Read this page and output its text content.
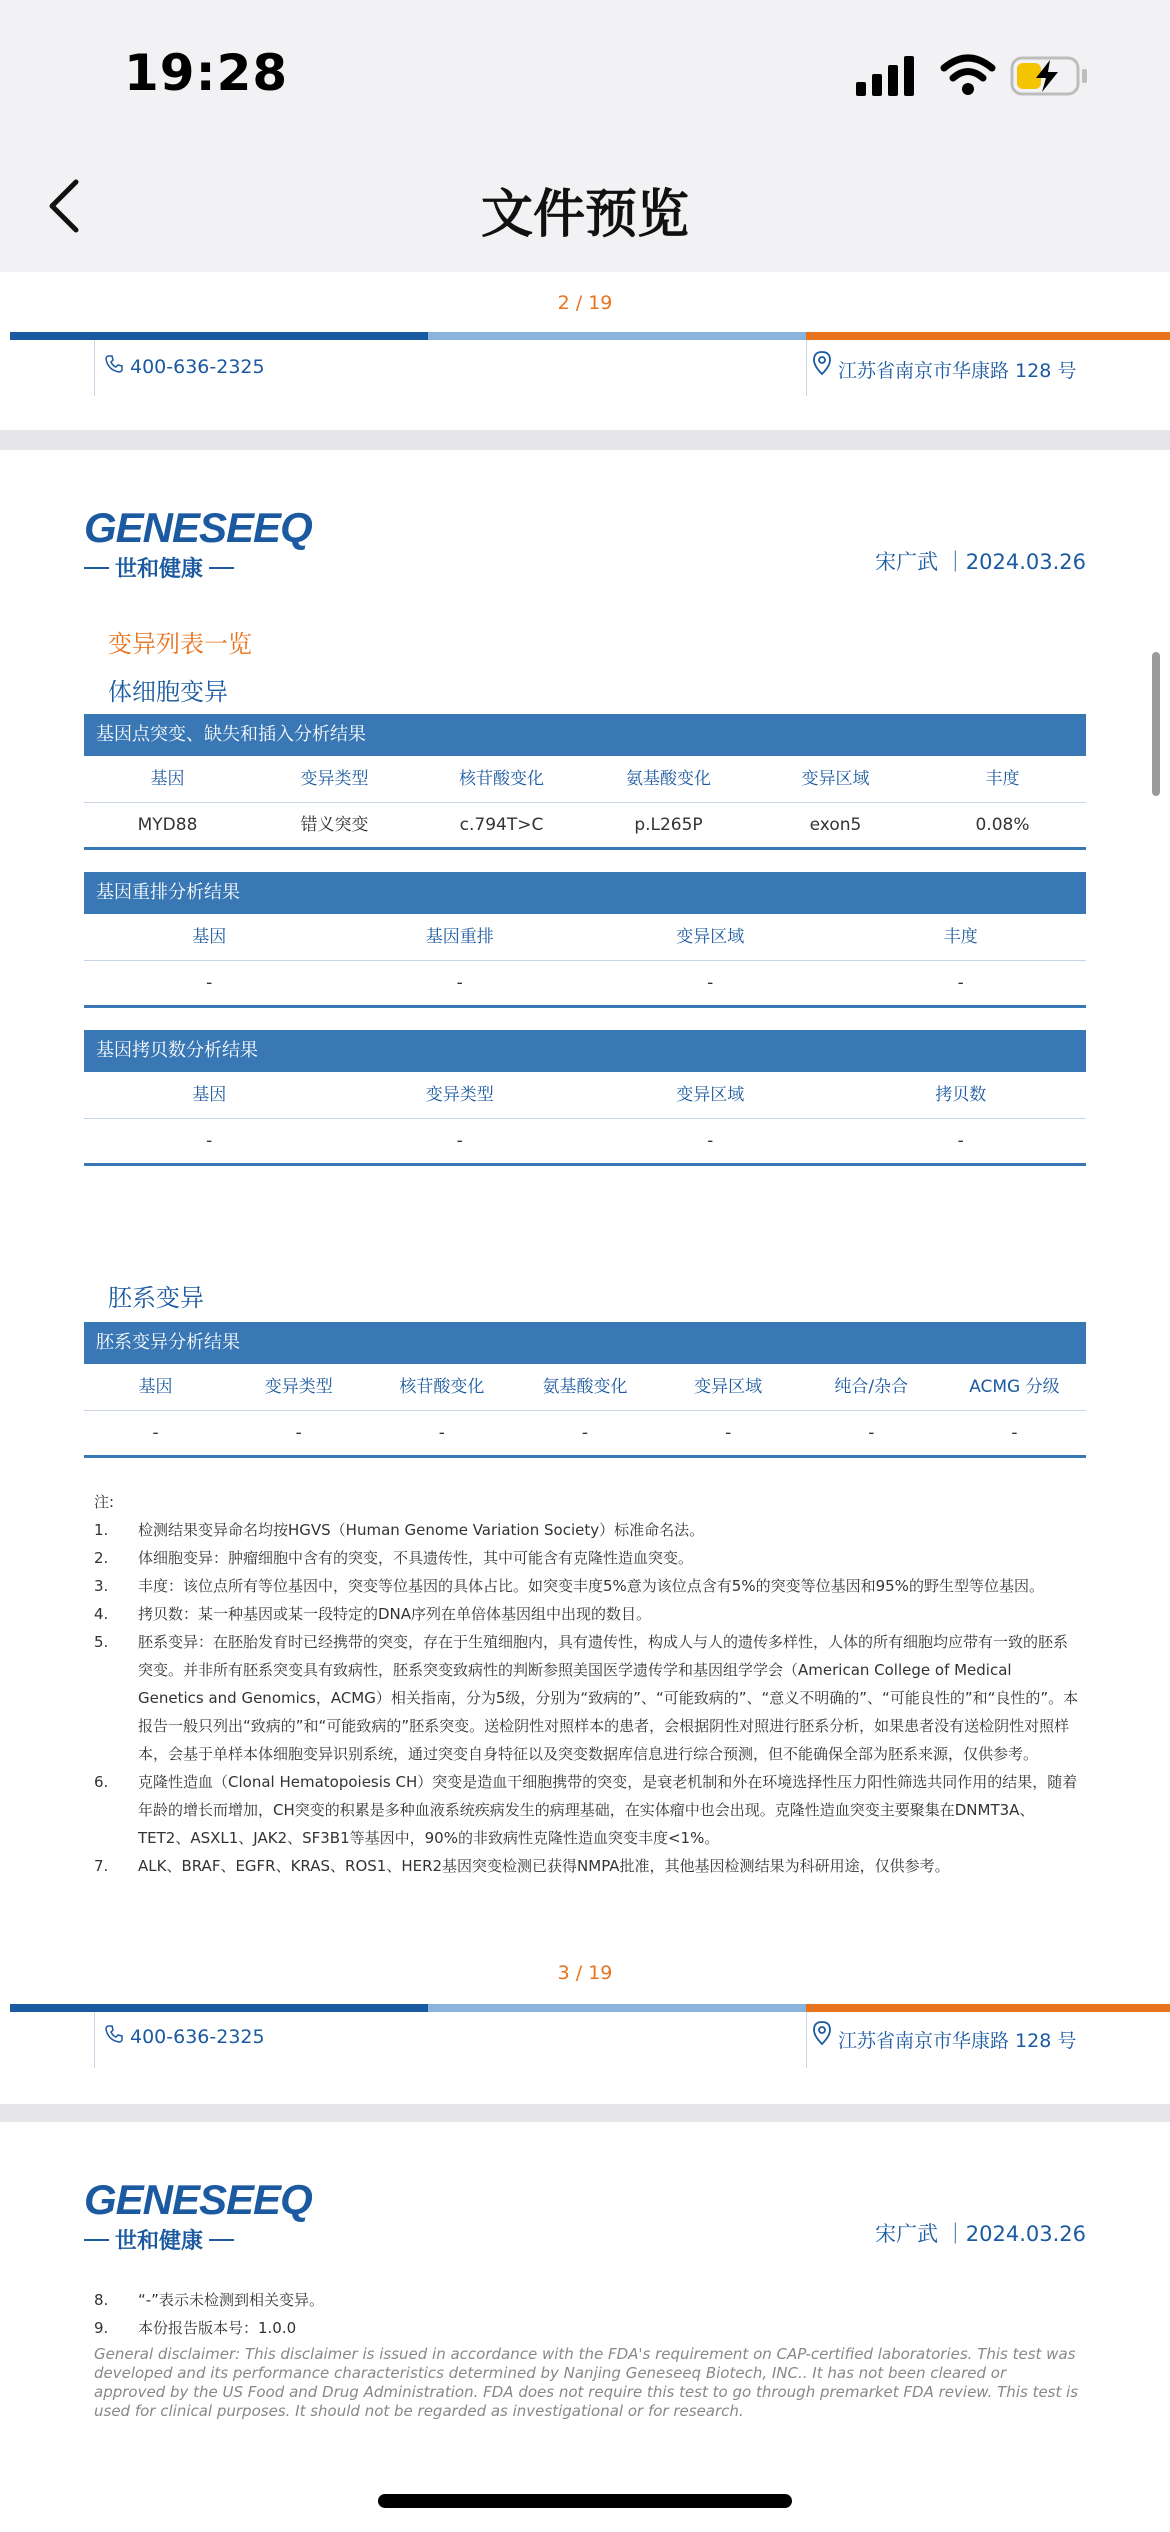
19:28
文件预览
2 / 19
400-636-2325	江苏省南京市华康路 128 号
GENESEEQ
世和健康	宋广武 ｜2024.03.26
变异列表一览
体细胞变异
基因点突变、缺失和插入分析结果
基因	变异类型	核苷酸变化	氨基酸变化	变异区域	丰度
MYD88	错义突变	c.794T>C	p.L265P	exon5	0.08%
基因重排分析结果
基因	基因重排	变异区域	丰度
-	-	-	-
基因拷贝数分析结果
基因	变异类型	变异区域	拷贝数
-	-	-	-
胚系变异
胚系变异分析结果
基因	变异类型	核苷酸变化	氨基酸变化	变异区域	纯合/杂合	ACMG 分级
-	-	-	-	-	-	-
注:
1. 检测结果变异命名均按HGVS（Human Genome Variation Society）标准命名法。
2. 体细胞变异：肿瘤细胞中含有的突变，不具遗传性，其中可能含有克隆性造血突变。
3. 丰度：该位点所有等位基因中，突变等位基因的具体占比。如突变丰度5%意为该位点含有5%的突变等位基因和95%的野生型等位基因。
4. 拷贝数：某一种基因或某一段特定的DNA序列在单倍体基因组中出现的数目。
5. 胚系变异：在胚胎发育时已经携带的突变，存在于生殖细胞内，具有遗传性，构成人与人的遗传多样性，人体的所有细胞均应带有一致的胚系突变。并非所有胚系突变具有致病性，胚系突变致病性的判断参照美国医学遗传学和基因组学学会（American College of Medical Genetics and Genomics，ACMG）相关指南，分为5级，分别为“致病的”、“可能致病的”、“意义不明确的”、“可能良性的”和“良性的”。本报告一般只列出“致病的”和“可能致病的”胚系突变。送检阴性对照样本的患者，会根据阴性对照进行胚系分析，如果患者没有送检阴性对照样本，会基于单样本体细胞变异识别系统，通过突变自身特征以及突变数据库信息进行综合预测，但不能确保全部为胚系来源，仅供参考。
6. 克隆性造血（Clonal Hematopoiesis CH）突变是造血干细胞携带的突变，是衰老机制和外在环境选择性压力阳性筛选共同作用的结果，随着年龄的增长而增加，CH突变的积累是多种血液系统疾病发生的病理基础，在实体瘤中也会出现。克隆性造血突变主要聚集在DNMT3A、TET2、ASXL1、JAK2、SF3B1等基因中，90%的非致病性克隆性造血突变丰度<1%。
7. ALK、BRAF、EGFR、KRAS、ROS1、HER2基因突变检测已获得NMPA批准，其他基因检测结果为科研用途，仅供参考。
3 / 19
400-636-2325	江苏省南京市华康路 128 号
GENESEEQ
世和健康	宋广武 ｜2024.03.26
8. “-”表示未检测到相关变异。
9. 本份报告版本号：1.0.0
General disclaimer: This disclaimer is issued in accordance with the FDA's requirement on CAP-certified laboratories. This test was developed and its performance characteristics determined by Nanjing Geneseeq Biotech, INC.. It has not been cleared or approved by the US Food and Drug Administration. FDA does not require this test to go through premarket FDA review. This test is used for clinical purposes. It should not be regarded as investigational or for research.
